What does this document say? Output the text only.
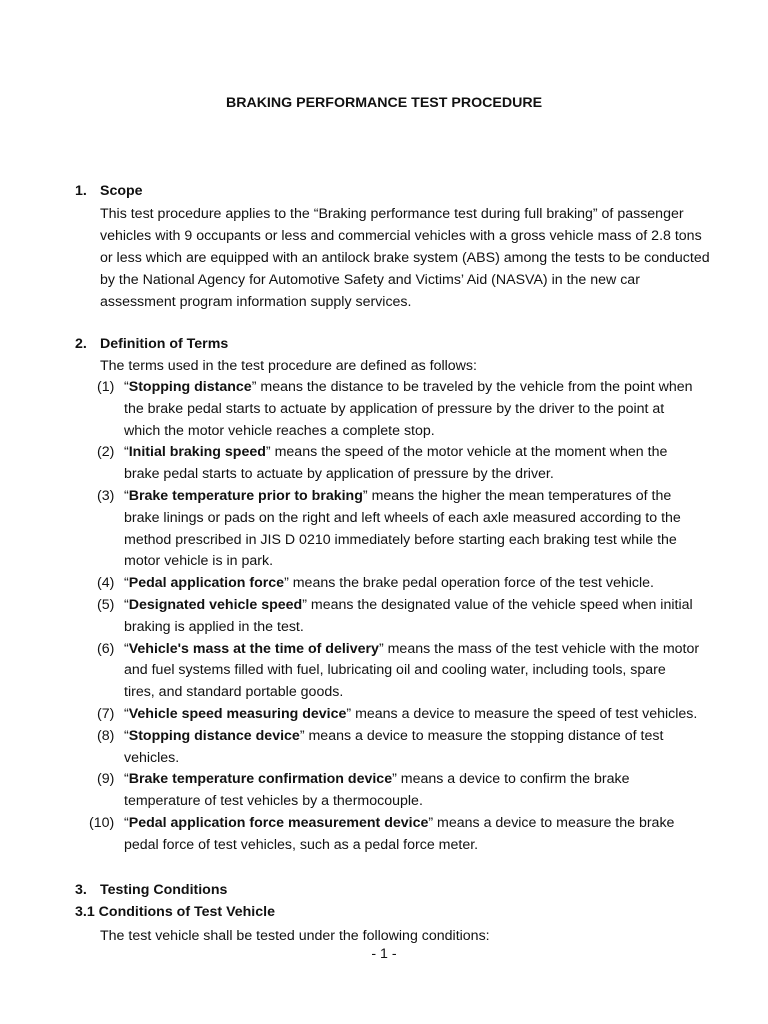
BRAKING PERFORMANCE TEST PROCEDURE
1. Scope

This test procedure applies to the “Braking performance test during full braking” of passenger vehicles with 9 occupants or less and commercial vehicles with a gross vehicle mass of 2.8 tons or less which are equipped with an antilock brake system (ABS) among the tests to be conducted by the National Agency for Automotive Safety and Victims’ Aid (NASVA) in the new car assessment program information supply services.

2. Definition of Terms

The terms used in the test procedure are defined as follows:

(1) “Stopping distance” means the distance to be traveled by the vehicle from the point when the brake pedal starts to actuate by application of pressure by the driver to the point at which the motor vehicle reaches a complete stop.
(2) “Initial braking speed” means the speed of the motor vehicle at the moment when the brake pedal starts to actuate by application of pressure by the driver.
(3) “Brake temperature prior to braking” means the higher the mean temperatures of the brake linings or pads on the right and left wheels of each axle measured according to the method prescribed in JIS D 0210 immediately before starting each braking test while the motor vehicle is in park.
(4) “Pedal application force” means the brake pedal operation force of the test vehicle.
(5) “Designated vehicle speed” means the designated value of the vehicle speed when initial braking is applied in the test.
(6) “Vehicle's mass at the time of delivery” means the mass of the test vehicle with the motor and fuel systems filled with fuel, lubricating oil and cooling water, including tools, spare tires, and standard portable goods.
(7) “Vehicle speed measuring device” means a device to measure the speed of test vehicles.
(8) “Stopping distance device” means a device to measure the stopping distance of test vehicles.
(9) “Brake temperature confirmation device” means a device to confirm the brake temperature of test vehicles by a thermocouple.
(10) “Pedal application force measurement device” means a device to measure the brake pedal force of test vehicles, such as a pedal force meter.
3. Testing Conditions
3.1 Conditions of Test Vehicle

The test vehicle shall be tested under the following conditions:

- 1 -
